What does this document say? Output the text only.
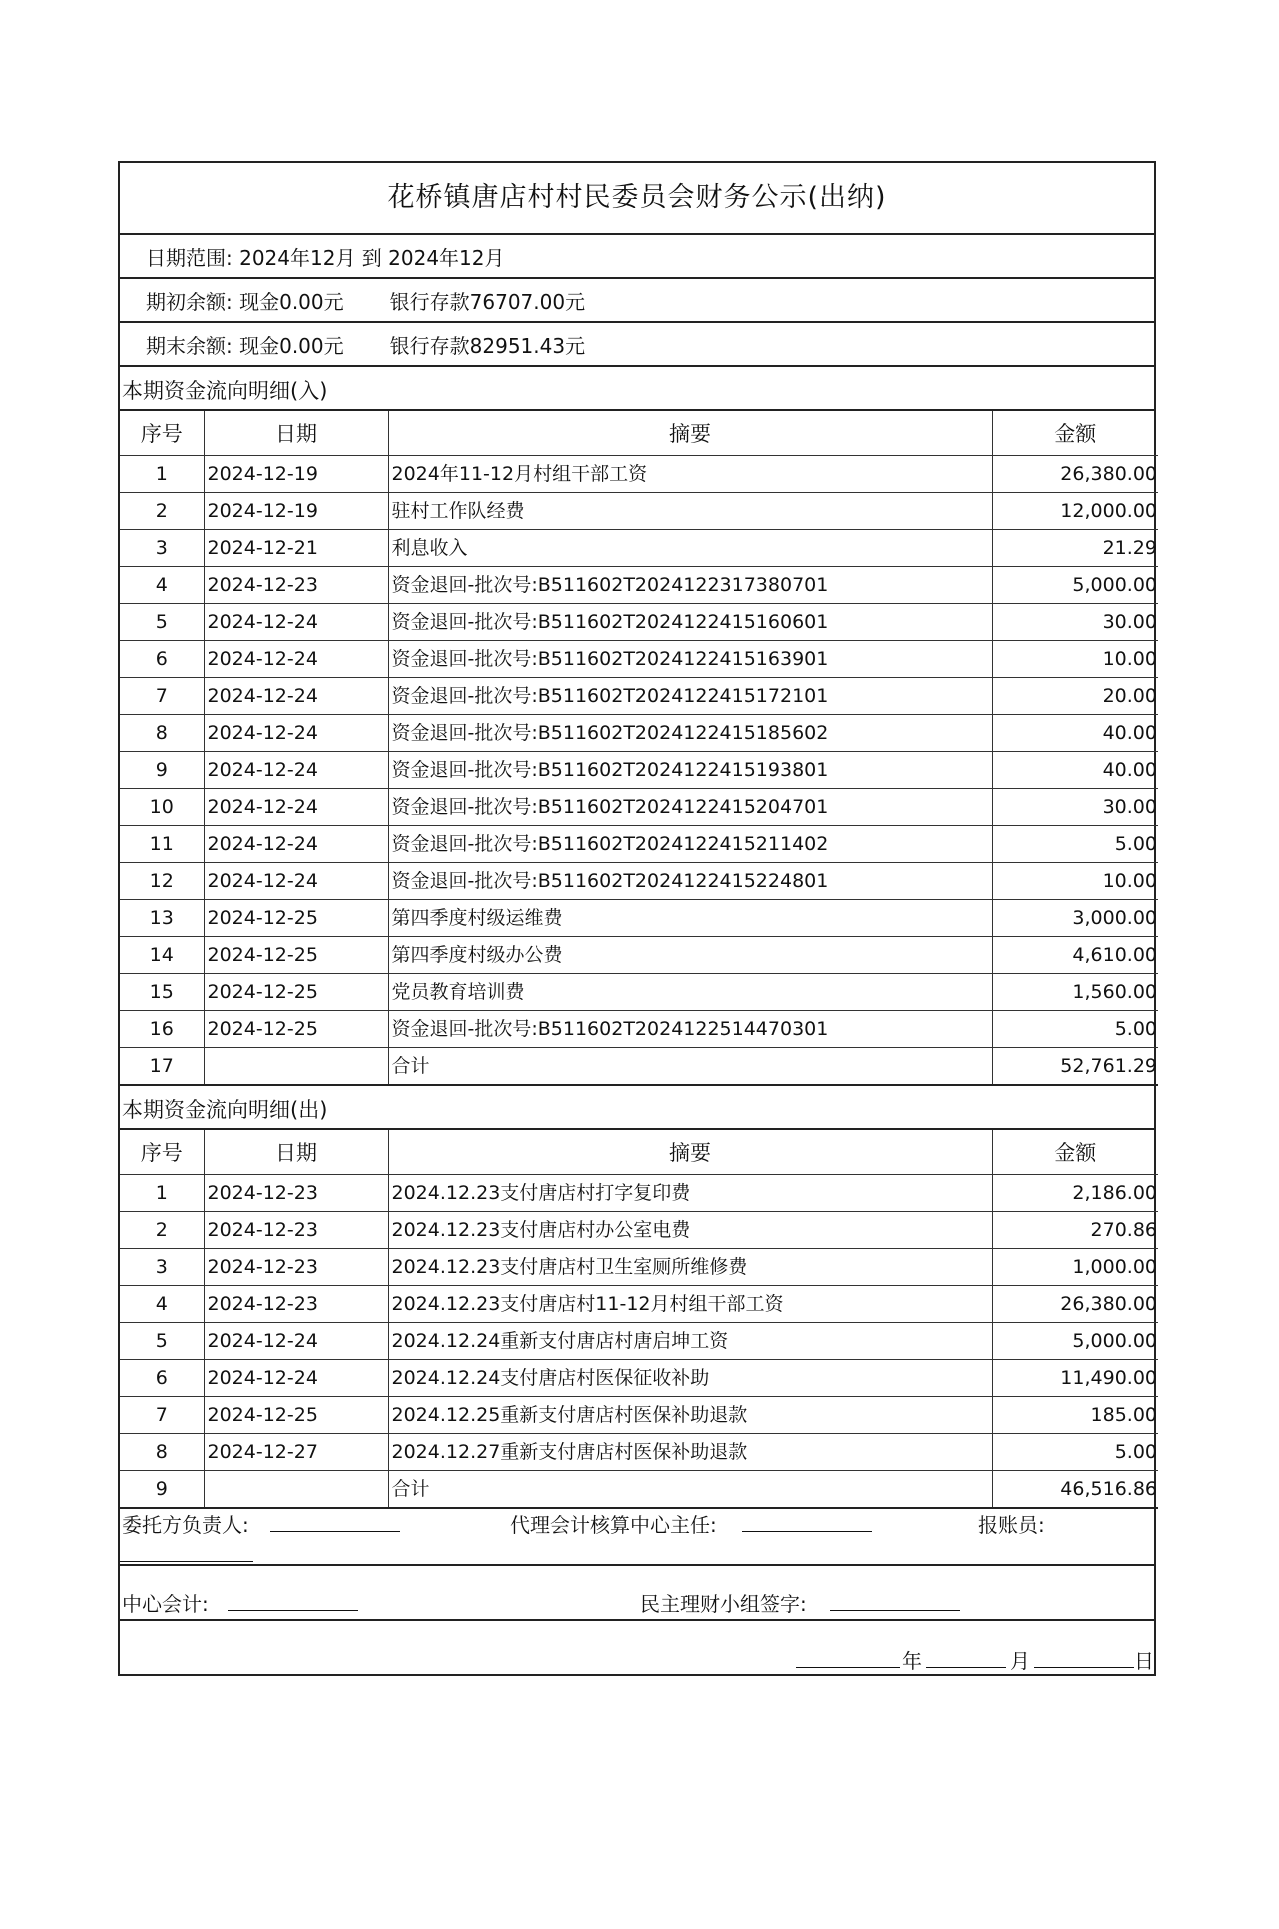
花桥镇唐店村村民委员会财务公示(出纳)
日期范围: 2024年12月 到 2024年12月
期初余额: 现金0.00元 银行存款76707.00元
期末余额: 现金0.00元 银行存款82951.43元
本期资金流向明细(入)
序号	日期	摘要	金额
1	2024-12-19	2024年11-12月村组干部工资	26,380.00
2	2024-12-19	驻村工作队经费	12,000.00
3	2024-12-21	利息收入	21.29
4	2024-12-23	资金退回-批次号:B511602T2024122317380701	5,000.00
5	2024-12-24	资金退回-批次号:B511602T2024122415160601	30.00
6	2024-12-24	资金退回-批次号:B511602T2024122415163901	10.00
7	2024-12-24	资金退回-批次号:B511602T2024122415172101	20.00
8	2024-12-24	资金退回-批次号:B511602T2024122415185602	40.00
9	2024-12-24	资金退回-批次号:B511602T2024122415193801	40.00
10	2024-12-24	资金退回-批次号:B511602T2024122415204701	30.00
11	2024-12-24	资金退回-批次号:B511602T2024122415211402	5.00
12	2024-12-24	资金退回-批次号:B511602T2024122415224801	10.00
13	2024-12-25	第四季度村级运维费	3,000.00
14	2024-12-25	第四季度村级办公费	4,610.00
15	2024-12-25	党员教育培训费	1,560.00
16	2024-12-25	资金退回-批次号:B511602T2024122514470301	5.00
17		合计	52,761.29
本期资金流向明细(出)
序号	日期	摘要	金额
1	2024-12-23	2024.12.23支付唐店村打字复印费	2,186.00
2	2024-12-23	2024.12.23支付唐店村办公室电费	270.86
3	2024-12-23	2024.12.23支付唐店村卫生室厕所维修费	1,000.00
4	2024-12-23	2024.12.23支付唐店村11-12月村组干部工资	26,380.00
5	2024-12-24	2024.12.24重新支付唐店村唐启坤工资	5,000.00
6	2024-12-24	2024.12.24支付唐店村医保征收补助	11,490.00
7	2024-12-25	2024.12.25重新支付唐店村医保补助退款	185.00
8	2024-12-27	2024.12.27重新支付唐店村医保补助退款	5.00
9		合计	46,516.86
委托方负责人:	代理会计核算中心主任:	报账员:
中心会计:	民主理财小组签字:
年	月	日
